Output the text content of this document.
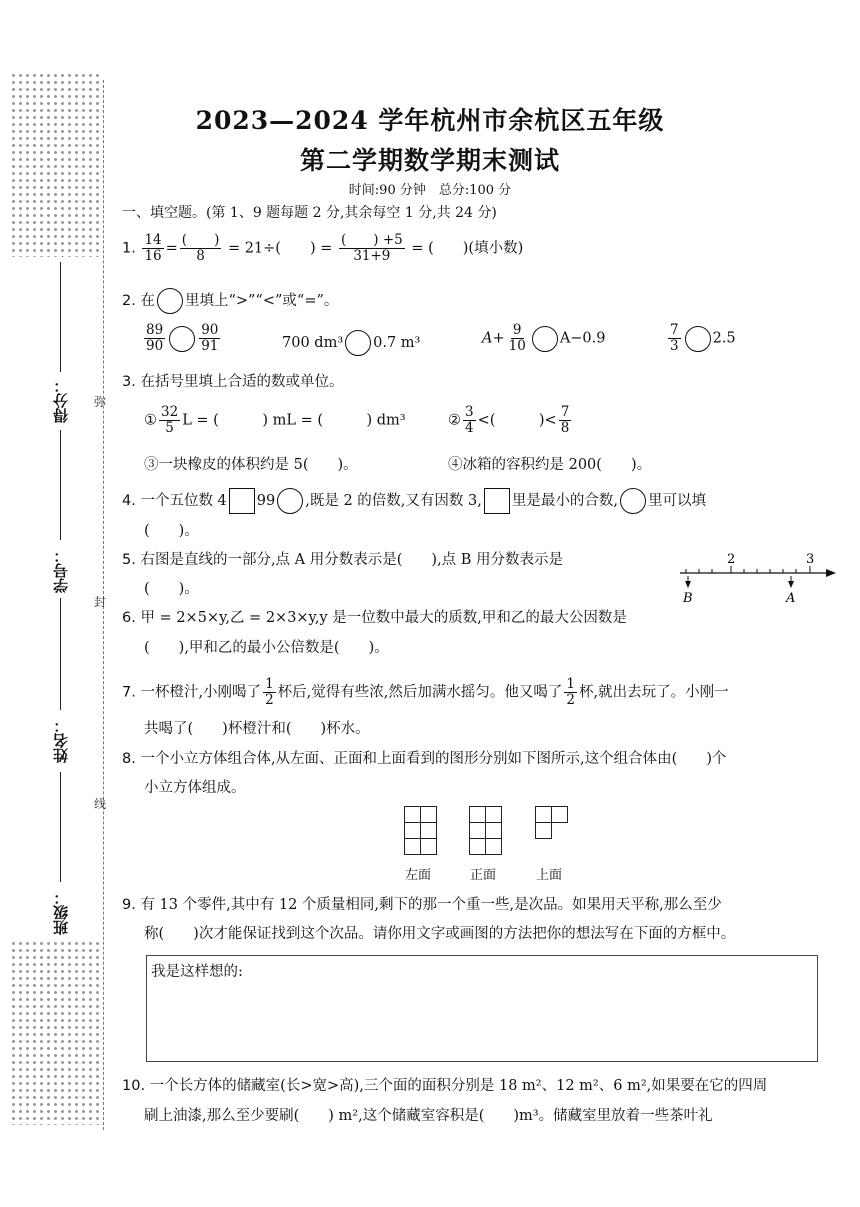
得分：
学号：
姓名：
班级：
弥
封
线
2023—2024 学年杭州市余杭区五年级
第二学期数学期末测试
时间:90 分钟　总分:100 分
一、填空题。(第 1、9 题每题 2 分,其余每空 1 分,共 24 分)
1. $\frac{14}{16} = \frac{( )}{8} = 21\div$(　　) = $\frac{( ) +5}{31+9}$ = (　　)(填小数)
2. 在 里填上“>”“<”或“=”。
$\frac{89}{90}$	$\frac{90}{91}$	700 dm³ 0.7 m³	$A+ \frac{9}{10} A-0.9$	$\frac{7}{3} 2.5$
3. 在括号里填上合适的数或单位。
① $\frac{32}{5}$ L = (　　　) mL = (　　　) dm³	② $\frac{3}{4}$ <(　　　)< $\frac{7}{8}$
③一块橡皮的体积约是 5(　　)。	④冰箱的容积约是 200(　　)。
4. 一个五位数 4 99 ,既是 2 的倍数,又有因数 3, 里是最小的合数, 里可以填
(　　)。
5. 右图是直线的一部分,点 A 用分数表示是(　　),点 B 用分数表示是
(　　)。
2	3
B	A
6. 甲 = 2×5×y,乙 = 2×3×y,y 是一位数中最大的质数,甲和乙的最大公因数是
(　　),甲和乙的最小公倍数是(　　)。
7. 一杯橙汁,小刚喝了 $\frac{1}{2}$ 杯后,觉得有些浓,然后加满水摇匀。他又喝了 $\frac{1}{2}$ 杯,就出去玩了。小刚一
共喝了(　　)杯橙汁和(　　)杯水。
8. 一个小立方体组合体,从左面、正面和上面看到的图形分别如下图所示,这个组合体由(　　)个
小立方体组成。

左面	正面	上面
9. 有 13 个零件,其中有 12 个质量相同,剩下的那一个重一些,是次品。如果用天平称,那么至少
称(　　)次才能保证找到这个次品。请你用文字或画图的方法把你的想法写在下面的方框中。
我是这样想的:
10. 一个长方体的储藏室(长>宽>高),三个面的面积分别是 18 m²、12 m²、6 m²,如果要在它的四周
刷上油漆,那么至少要刷(　　) m²,这个储藏室容积是(　　)m³。储藏室里放着一些茶叶礼
